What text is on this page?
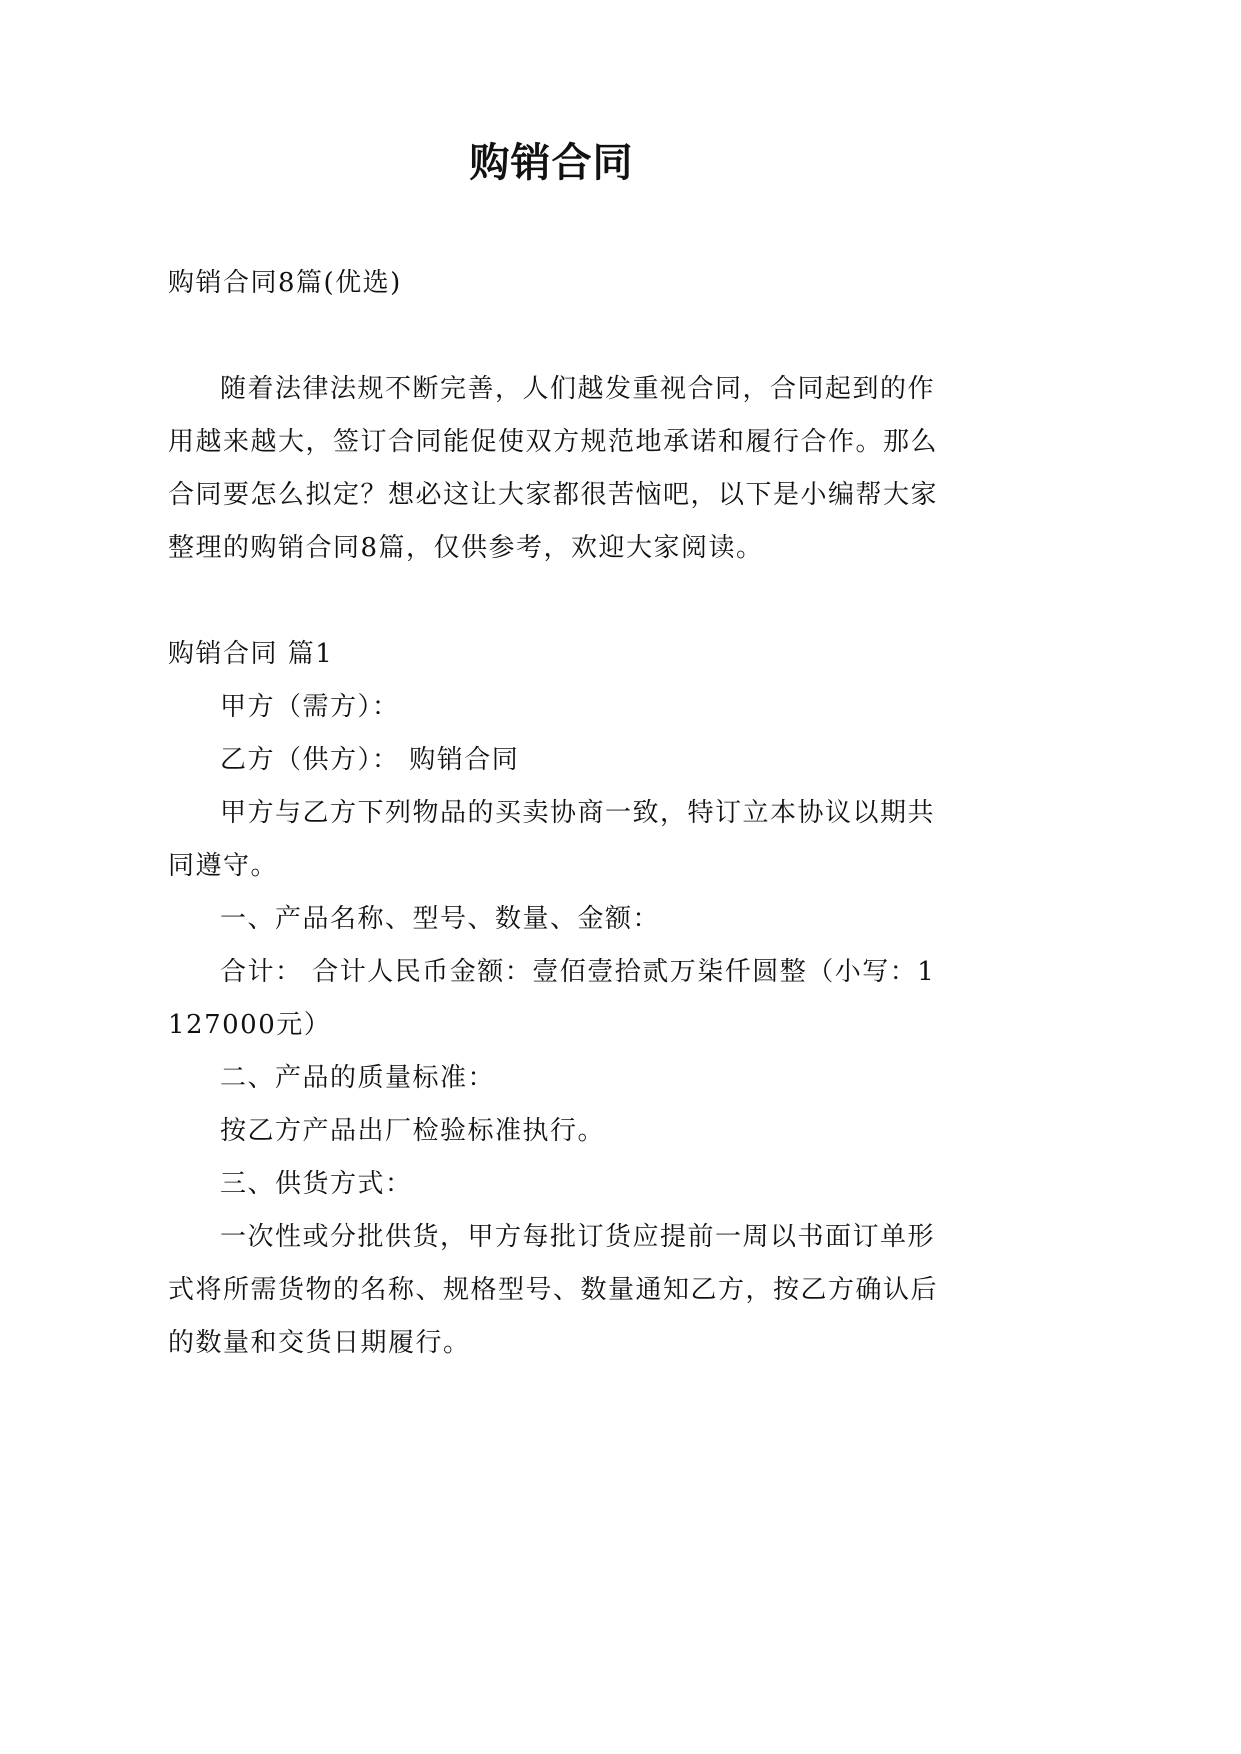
购销合同

购销合同8篇(优选)

随着法律法规不断完善，人们越发重视合同，合同起到的作用越来越大，签订合同能促使双方规范地承诺和履行合作。那么合同要怎么拟定？想必这让大家都很苦恼吧，以下是小编帮大家整理的购销合同8篇，仅供参考，欢迎大家阅读。

购销合同 篇1

甲方（需方）：

乙方（供方）： 购销合同

甲方与乙方下列物品的买卖协商一致，特订立本协议以期共同遵守。

一、产品名称、型号、数量、金额：

合计： 合计人民币金额：壹佰壹拾贰万柒仟圆整（小写：1127000元）

二、产品的质量标准：

按乙方产品出厂检验标准执行。

三、供货方式：

一次性或分批供货，甲方每批订货应提前一周以书面订单形式将所需货物的名称、规格型号、数量通知乙方，按乙方确认后的数量和交货日期履行。
